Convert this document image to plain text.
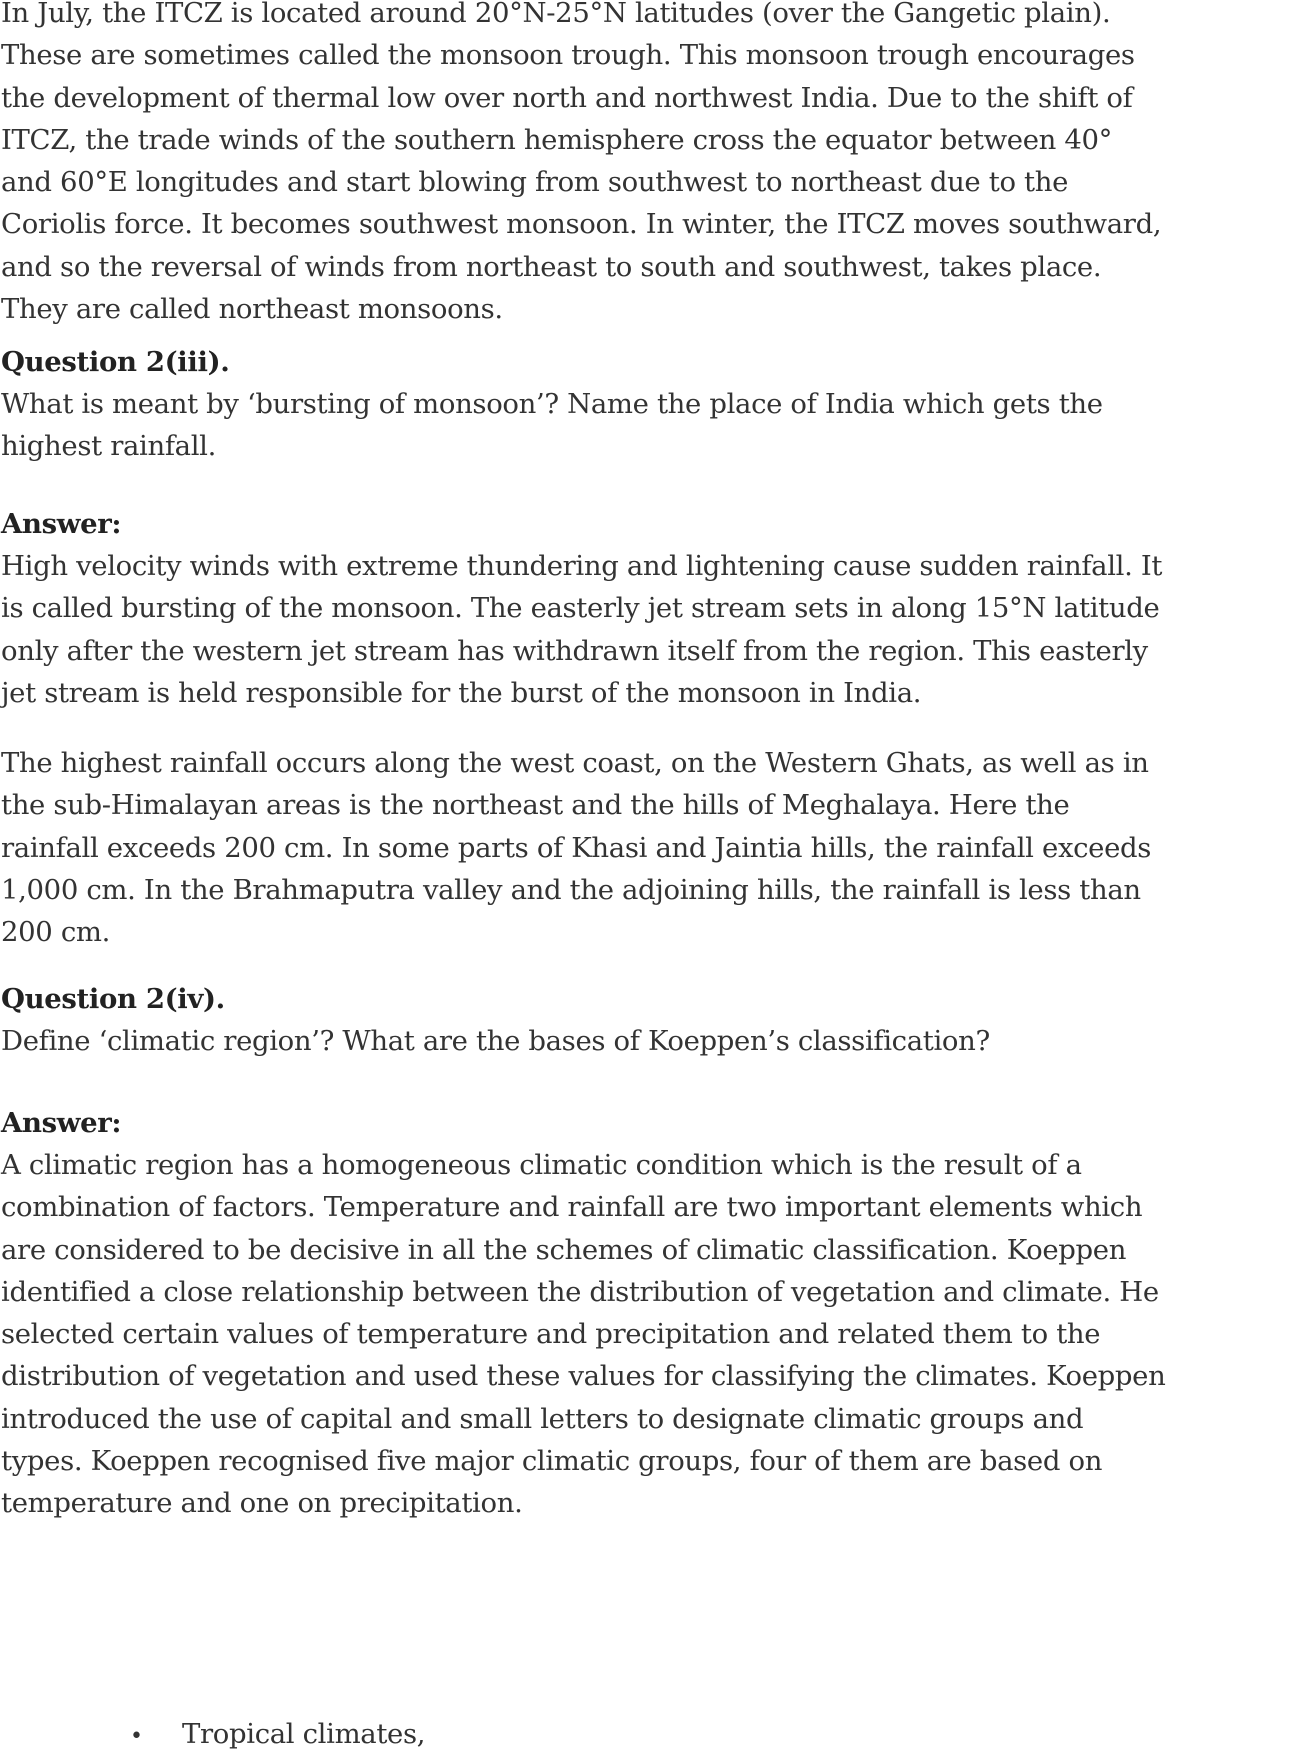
In July, the ITCZ is located around 20°N-25°N latitudes (over the Gangetic plain). These are sometimes called the monsoon trough. This monsoon trough encourages the development of thermal low over north and northwest India. Due to the shift of ITCZ, the trade winds of the southern hemisphere cross the equator between 40° and 60°E longitudes and start blowing from southwest to northeast due to the Coriolis force. It becomes southwest monsoon. In winter, the ITCZ moves southward, and so the reversal of winds from northeast to south and southwest, takes place. They are called northeast monsoons.

Question 2(iii).

What is meant by ‘bursting of monsoon’? Name the place of India which gets the highest rainfall.

Answer:

High velocity winds with extreme thundering and lightening cause sudden rainfall. It is called bursting of the monsoon. The easterly jet stream sets in along 15°N latitude only after the western jet stream has withdrawn itself from the region. This easterly jet stream is held responsible for the burst of the monsoon in India.

The highest rainfall occurs along the west coast, on the Western Ghats, as well as in the sub-Himalayan areas is the northeast and the hills of Meghalaya. Here the rainfall exceeds 200 cm. In some parts of Khasi and Jaintia hills, the rainfall exceeds 1,000 cm. In the Brahmaputra valley and the adjoining hills, the rainfall is less than 200 cm.

Question 2(iv).

Define ‘climatic region’? What are the bases of Koeppen’s classification?

Answer:

A climatic region has a homogeneous climatic condition which is the result of a combination of factors. Temperature and rainfall are two important elements which are considered to be decisive in all the schemes of climatic classification. Koeppen identified a close relationship between the distribution of vegetation and climate. He selected certain values of temperature and precipitation and related them to the distribution of vegetation and used these values for classifying the climates. Koeppen introduced the use of capital and small letters to designate climatic groups and types. Koeppen recognised five major climatic groups, four of them are based on temperature and one on precipitation.

•
Tropical climates,
